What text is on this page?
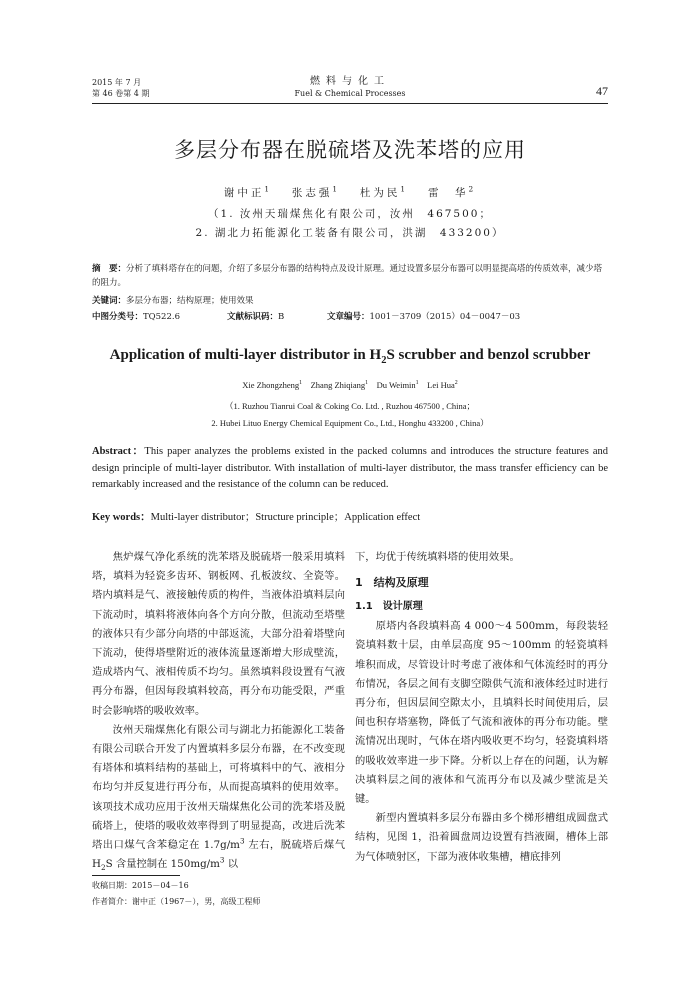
2015 年 7 月
第 46 卷第 4 期
燃料与化工
Fuel & Chemical Processes	47
多层分布器在脱硫塔及洗苯塔的应用
谢中正$^1$　 张志强$^1$　 杜为民$^1$　 雷　华$^2$
（1. 汝州天瑞煤焦化有限公司，汝州　467500；
2. 湖北力拓能源化工装备有限公司，洪湖　433200）
摘　要：分析了填料塔存在的问题，介绍了多层分布器的结构特点及设计原理。通过设置多层分布器可以明显提高塔的传质效率，减少塔的阻力。
关键词：多层分布器；结构原理；使用效果
中图分类号：TQ522.6	文献标识码：B	文章编号：1001－3709（2015）04－0047－03
Application of multi-layer distributor in $H_2S$ scrubber and benzol scrubber
Xie Zhongzheng$^1$ Zhang Zhiqiang$^1$ Du Weimin$^1$ Lei Hua$^2$
（1. Ruzhou Tianrui Coal & Coking Co. Ltd. , Ruzhou 467500 , China；
2. Hubei Lituo Energy Chemical Equipment Co., Ltd., Honghu 433200 , China）
Abstract：This paper analyzes the problems existed in the packed columns and introduces the structure features and design principle of multi-layer distributor. With installation of multi-layer distributor, the mass transfer efficiency can be remarkably increased and the resistance of the column can be reduced.
Key words：Multi-layer distributor；Structure principle；Application effect

焦炉煤气净化系统的洗苯塔及脱硫塔一般采用填料塔，填料为轻瓷多齿环、钢板网、孔板波纹、全瓷等。塔内填料是气、液接触传质的构件，当液体沿填料层向下流动时，填料将液体向各个方向分散，但流动至塔壁的液体只有少部分向塔的中部返流，大部分沿着塔壁向下流动，使得塔壁附近的液体流量逐渐增大形成壁流，造成塔内气、液相传质不均匀。虽然填料段设置有气液再分布器，但因每段填料较高，再分布功能受限，严重时会影响塔的吸收效率。

汝州天瑞煤焦化有限公司与湖北力拓能源化工装备有限公司联合开发了内置填料多层分布器，在不改变现有塔体和填料结构的基础上，可将填料中的气、液相分布均匀并反复进行再分布，从而提高填料的使用效率。该项技术成功应用于汝州天瑞煤焦化公司的洗苯塔及脱硫塔上，使塔的吸收效率得到了明显提高，改进后洗苯塔出口煤气含苯稳定在 $1.7g/m^3$ 左右，脱硫塔后煤气 $H_2S$ 含量控制在 $150mg/m^3$ 以

下，均优于传统填料塔的使用效果。
1　结构及原理
1.1　设计原理

原塔内各段填料高 4 000～4 500mm，每段装轻瓷填料数十层，由单层高度 95～100mm 的轻瓷填料堆积而成，尽管设计时考虑了液体和气体流经时的再分布情况，各层之间有支脚空隙供气流和液体经过时进行再分布，但因层间空隙太小，且填料长时间使用后，层间也积存塔塞物，降低了气流和液体的再分布功能。壁流情况出现时，气体在塔内吸收更不均匀，轻瓷填料塔的吸收效率进一步下降。分析以上存在的问题，认为解决填料层之间的液体和气流再分布以及减少壁流是关键。

新型内置填料多层分布器由多个梯形槽组成圆盘式结构，见图 1，沿着圆盘周边设置有挡液圈，槽体上部为气体喷射区，下部为液体收集槽，槽底排列

收稿日期：2015－04－16
作者简介：谢中正（1967－），男，高级工程师
